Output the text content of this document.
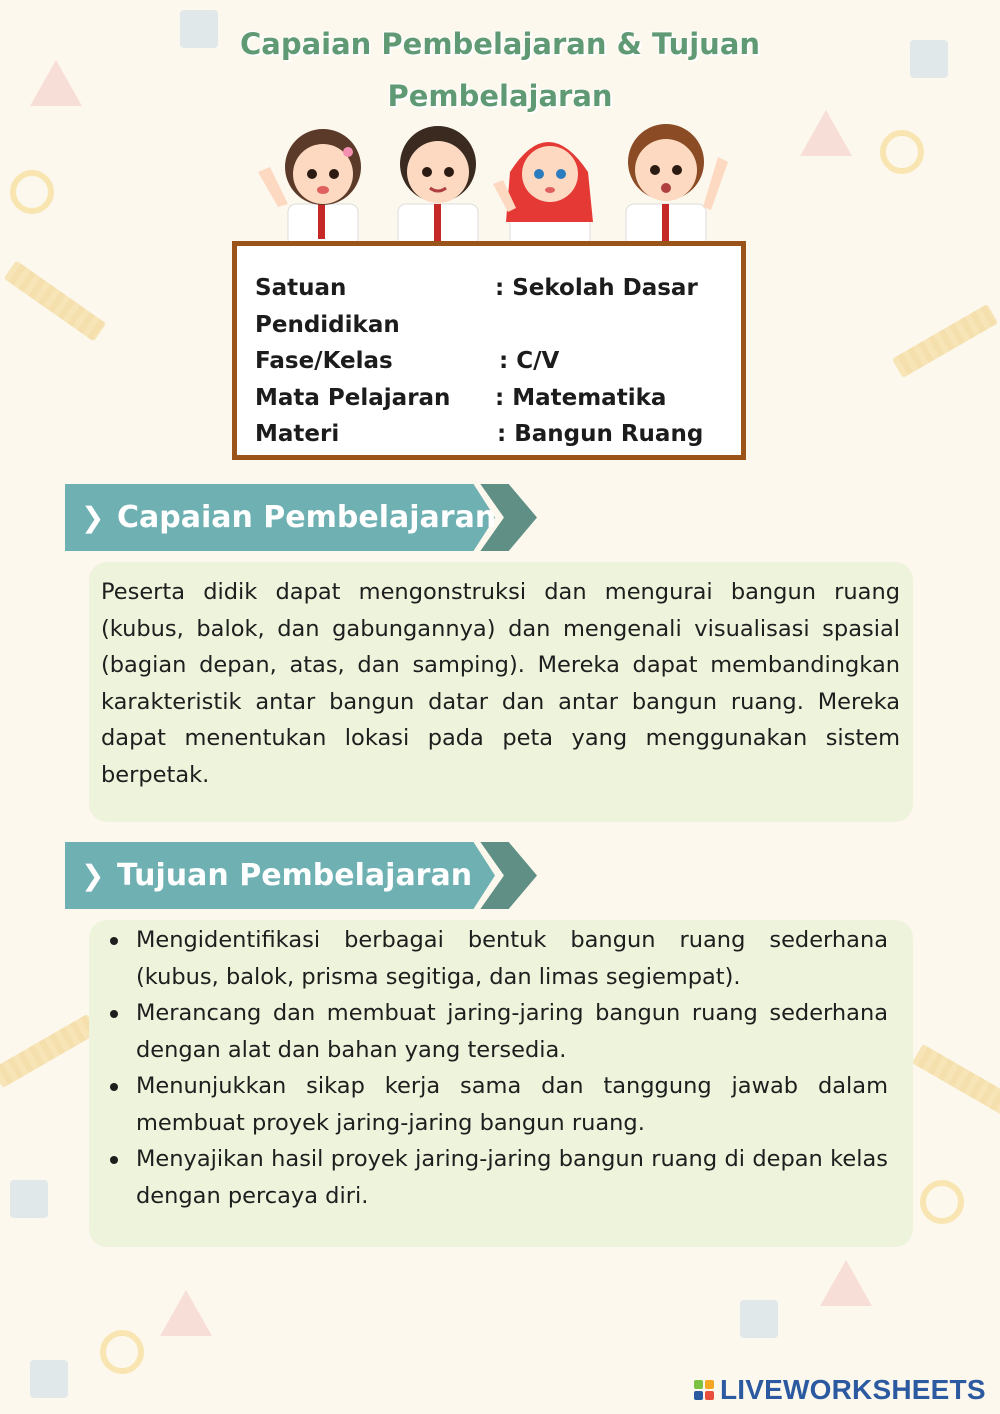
Capaian Pembelajaran & Tujuan
Pembelajaran
Satuan Pendidikan
: Sekolah Dasar
Fase/Kelas	: C/V
Mata Pelajaran	: Matematika
Materi	: Bangun Ruang
❯ Capaian Pembelajaran

Peserta didik dapat mengonstruksi dan mengurai bangun ruang (kubus, balok, dan gabungannya) dan mengenali visualisasi spasial (bagian depan, atas, dan samping). Mereka dapat membandingkan karakteristik antar bangun datar dan antar bangun ruang. Mereka dapat menentukan lokasi pada peta yang menggunakan sistem berpetak.

❯ Tujuan Pembelajaran
Mengidentifikasi berbagai bentuk bangun ruang sederhana (kubus, balok, prisma segitiga, dan limas segiempat).
Merancang dan membuat jaring-jaring bangun ruang sederhana dengan alat dan bahan yang tersedia.
Menunjukkan sikap kerja sama dan tanggung jawab dalam membuat proyek jaring-jaring bangun ruang.
Menyajikan hasil proyek jaring-jaring bangun ruang di depan kelas dengan percaya diri.
LIVEWORKSHEETS
